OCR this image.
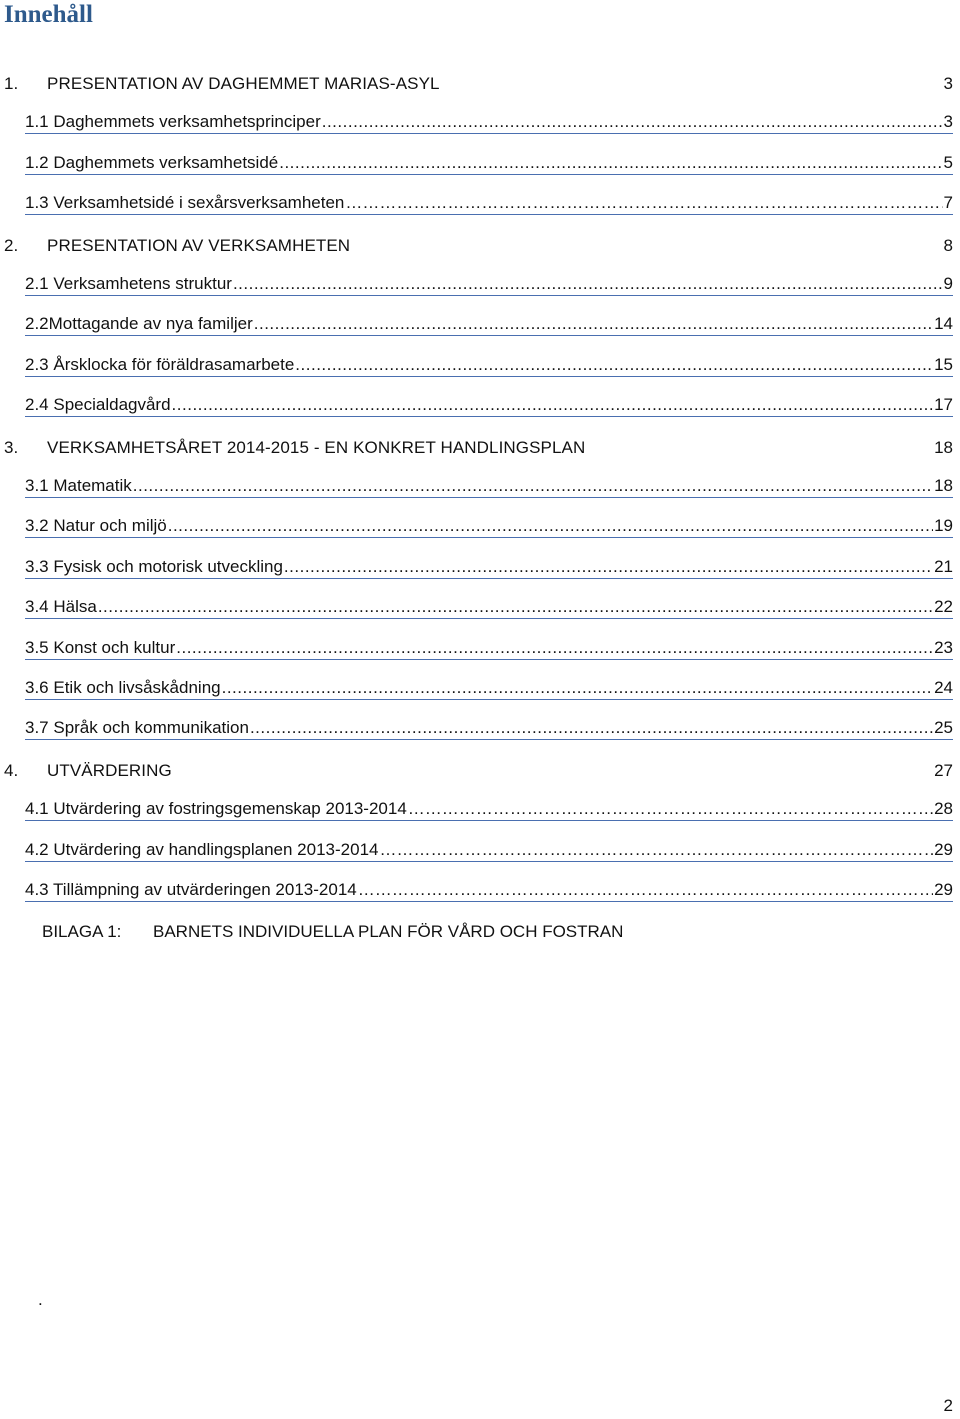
Innehåll
1. PRESENTATION AV DAGHEMMET MARIAS-ASYL	3
1.1 Daghemmets verksamhetsprinciper .....	3
1.2 Daghemmets verksamhetsidé .....	5
1.3 Verksamhetsidé i sexårsverksamheten …………………………………………………………………………………………………………………………………………………………………	7
2. PRESENTATION AV VERKSAMHETEN	8
2.1 Verksamhetens struktur .....	9
2.2Mottagande av nya familjer .....	14
2.3 Årsklocka för föräldrasamarbete .....	15
2.4 Specialdagvård .....	17
3. VERKSAMHETSÅRET 2014-2015 - EN KONKRET HANDLINGSPLAN	18
3.1 Matematik .....	18
3.2 Natur och miljö .....	19
3.3 Fysisk och motorisk utveckling .....	21
3.4 Hälsa .....	22
3.5 Konst och kultur .....	23
3.6 Etik och livsåskådning .....	24
3.7 Språk och kommunikation .....	25
4. UTVÄRDERING	27
4.1 Utvärdering av fostringsgemenskap 2013-2014 …………………………………………………………………………………………………………………………………………………………………	28
4.2 Utvärdering av handlingsplanen 2013-2014 …………………………………………………………………………………………………………………………………………………………………	29
4.3 Tillämpning av utvärderingen 2013-2014 …………………………………………………………………………………………………………………………………………………………………	29
BILAGA 1: BARNETS INDIVIDUELLA PLAN FÖR VÅRD OCH FOSTRAN
.
2
